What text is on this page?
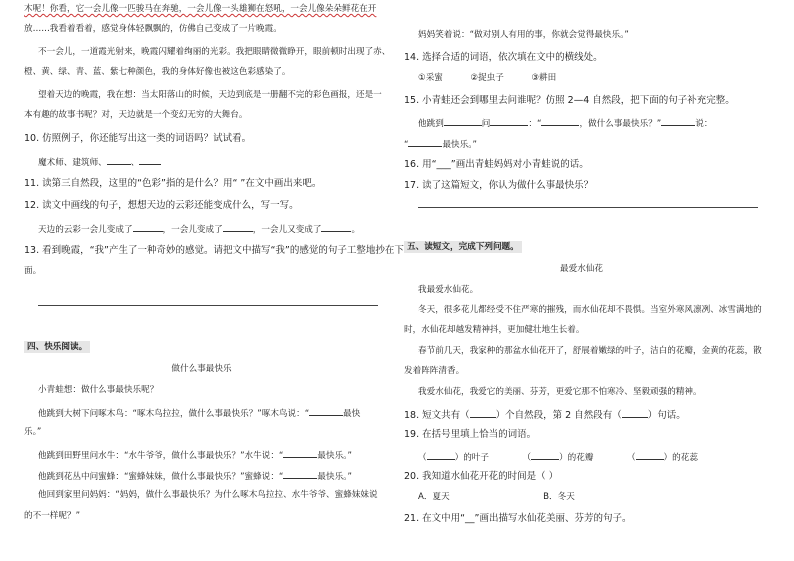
木呢！你看，它一会儿像一匹骏马在奔驰，一会儿像一头雄狮在怒吼，一会儿像朵朵鲜花在开
放……我看着看着，感觉身体轻飘飘的，仿佛自己变成了一片晚霞。
不一会儿，一道霞光射来，晚霞闪耀着绚丽的光彩。我把眼睛微微睁开，眼前顿时出现了赤、
橙、黄、绿、青、蓝、紫七种颜色，我的身体好像也被这色彩感染了。
望着天边的晚霞，我在想：当太阳落山的时候，天边到底是一册翻不完的彩色画报，还是一
本有趣的故事书呢？对，天边就是一个变幻无穷的大舞台。
10. 仿照例子，你还能写出这一类的词语吗？试试看。
魔术师、建筑师、	、
11. 读第三自然段，这里的“色彩”指的是什么？用“ ”在文中画出来吧。
12. 读文中画线的句子，想想天边的云彩还能变成什么，写一写。
天边的云彩一会儿变成了	，一会儿变成了	，一会儿又变成了	。
13. 看到晚霞，“我”产生了一种奇妙的感觉。请把文中描写“我”的感觉的句子工整地抄在下
面。
四、快乐阅读。
做什么事最快乐
小青蛙想：做什么事最快乐呢？
他跳到大树下问啄木鸟：“啄木鸟拉拉，做什么事最快乐？”啄木鸟说：“	最快
乐。”
他跳到田野里问水牛：“水牛爷爷，做什么事最快乐？”水牛说：“	最快乐。”
他跳到花丛中问蜜蜂：“蜜蜂妹妹，做什么事最快乐？”蜜蜂说：“	最快乐。”
他回到家里问妈妈：“妈妈，做什么事最快乐？为什么啄木鸟拉拉、水牛爷爷、蜜蜂妹妹说
的不一样呢？”
妈妈笑着说：“做对别人有用的事，你就会觉得最快乐。”
14. 选择合适的词语，依次填在文中的横线处。
①采蜜	②捉虫子	③耕田
15. 小青蛙还会到哪里去问谁呢？仿照 2—4 自然段，把下面的句子补充完整。
他跳到	问	：“	，做什么事最快乐？”	说：
“	最快乐。”
16. 用“___”画出青蛙妈妈对小青蛙说的话。
17. 读了这篇短文，你认为做什么事最快乐？
五、读短文，完成下列问题。
最爱水仙花
我最爱水仙花。
冬天，很多花儿都经受不住严寒的摧残，而水仙花却不畏惧。当室外寒风凛冽、冰雪满地的
时，水仙花却越发精神抖，更加健壮地生长着。
春节前几天，我家种的那盆水仙花开了，舒展着嫩绿的叶子，洁白的花瓣，金黄的花蕊，散
发着阵阵清香。
我爱水仙花，我爱它的美丽、芬芳，更爱它那不怕寒冷、坚毅顽强的精神。
18. 短文共有（	）个自然段，第 2 自然段有（	）句话。
19. 在括号里填上恰当的词语。
（	）的叶子	（	）的花瓣	（	）的花蕊
20. 我知道水仙花开花的时间是（ ）
A．夏天	B．冬天
21. 在文中用“__”画出描写水仙花美丽、芬芳的句子。
